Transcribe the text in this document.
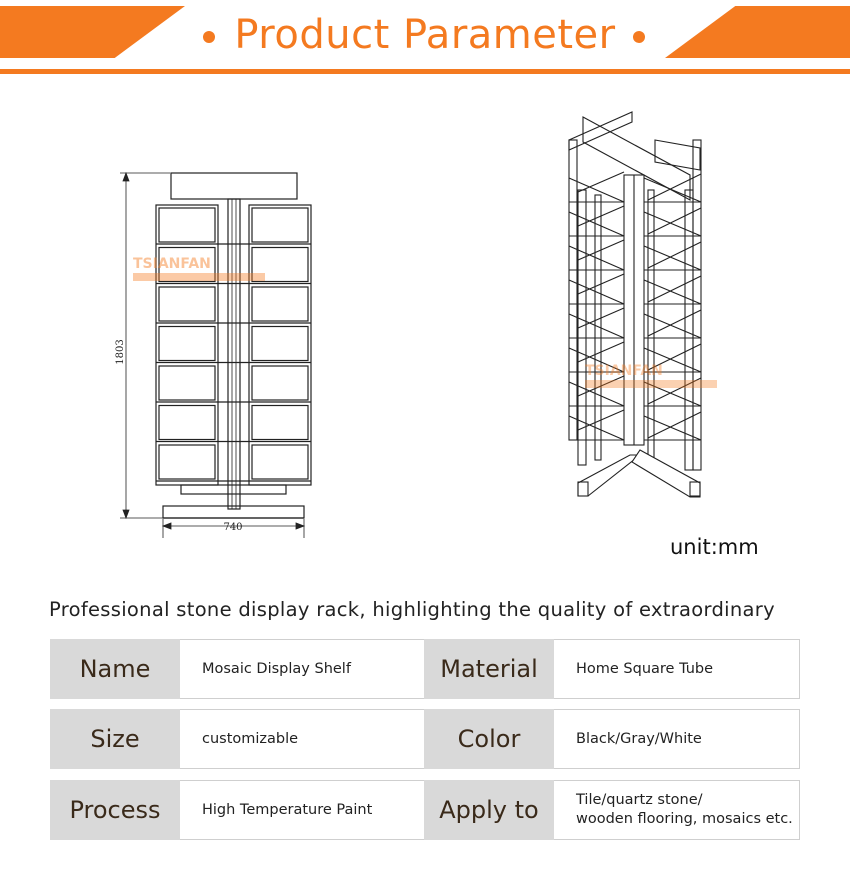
Product Parameter
1803
740
TSIANFAN
TSIANFAN
unit:mm
Professional stone display rack, highlighting the quality of extraordinary
Name	Mosaic Display Shelf	Material	Home Square Tube
Size	customizable	Color	Black/Gray/White
Process	High Temperature Paint	Apply to	Tile/quartz stone/
wooden flooring, mosaics etc.
